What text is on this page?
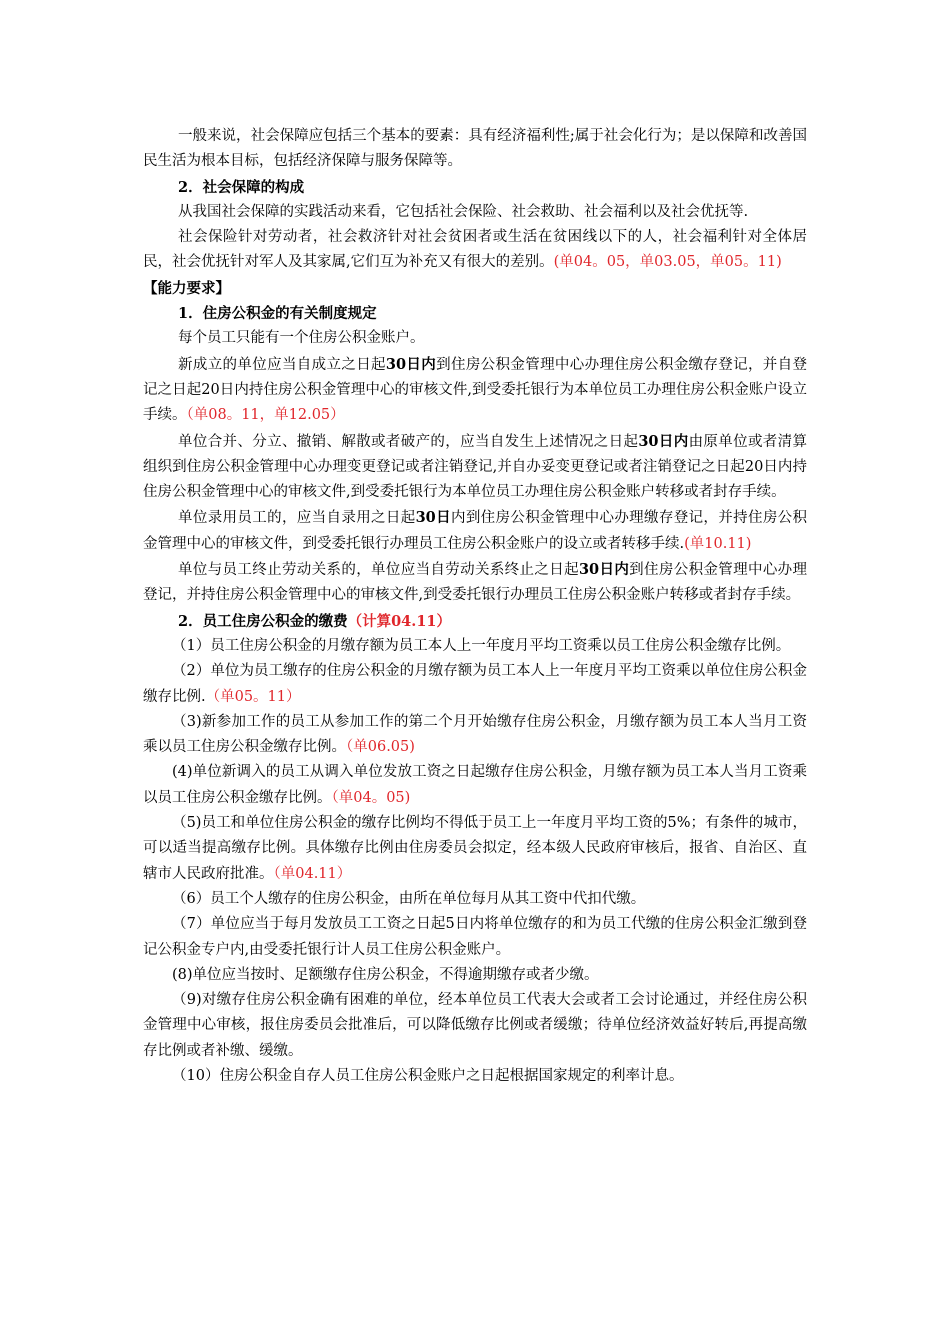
一般来说，社会保障应包括三个基本的要素：具有经济福利性;属于社会化行为；是以保障和改善国民生活为根本目标，包括经济保障与服务保障等。

2．社会保障的构成

从我国社会保障的实践活动来看，它包括社会保险、社会救助、社会福利以及社会优抚等.

社会保险针对劳动者，社会救济针对社会贫困者或生活在贫困线以下的人，社会福利针对全体居民，社会优抚针对军人及其家属,它们互为补充又有很大的差别。(单04。05，单03.05，单05。11)

【能力要求】

1．住房公积金的有关制度规定

每个员工只能有一个住房公积金账户。

新成立的单位应当自成立之日起30日内到住房公积金管理中心办理住房公积金缴存登记，并自登记之日起20日内持住房公积金管理中心的审核文件,到受委托银行为本单位员工办理住房公积金账户设立手续。（单08。11，单12.05）

单位合并、分立、撤销、解散或者破产的，应当自发生上述情况之日起30日内由原单位或者清算组织到住房公积金管理中心办理变更登记或者注销登记,并自办妥变更登记或者注销登记之日起20日内持住房公积金管理中心的审核文件,到受委托银行为本单位员工办理住房公积金账户转移或者封存手续。

单位录用员工的，应当自录用之日起30日内到住房公积金管理中心办理缴存登记，并持住房公积金管理中心的审核文件，到受委托银行办理员工住房公积金账户的设立或者转移手续.(单10.11)

单位与员工终止劳动关系的，单位应当自劳动关系终止之日起30日内到住房公积金管理中心办理登记，并持住房公积金管理中心的审核文件,到受委托银行办理员工住房公积金账户转移或者封存手续。

2．员工住房公积金的缴费（计算04.11）

（1）员工住房公积金的月缴存额为员工本人上一年度月平均工资乘以员工住房公积金缴存比例。

（2）单位为员工缴存的住房公积金的月缴存额为员工本人上一年度月平均工资乘以单位住房公积金缴存比例.（单05。11）

（3)新参加工作的员工从参加工作的第二个月开始缴存住房公积金，月缴存额为员工本人当月工资乘以员工住房公积金缴存比例。（单06.05)

(4)单位新调入的员工从调入单位发放工资之日起缴存住房公积金，月缴存额为员工本人当月工资乘以员工住房公积金缴存比例。（单04。05)

（5)员工和单位住房公积金的缴存比例均不得低于员工上一年度月平均工资的5%；有条件的城市，可以适当提高缴存比例。具体缴存比例由住房委员会拟定，经本级人民政府审核后，报省、自治区、直辖市人民政府批准。（单04.11）

（6）员工个人缴存的住房公积金，由所在单位每月从其工资中代扣代缴。

（7）单位应当于每月发放员工工资之日起5日内将单位缴存的和为员工代缴的住房公积金汇缴到登记公积金专户内,由受委托银行计人员工住房公积金账户。

(8)单位应当按时、足额缴存住房公积金，不得逾期缴存或者少缴。

（9)对缴存住房公积金确有困难的单位，经本单位员工代表大会或者工会讨论通过，并经住房公积金管理中心审核，报住房委员会批准后，可以降低缴存比例或者缓缴；待单位经济效益好转后,再提高缴存比例或者补缴、缓缴。

（10）住房公积金自存人员工住房公积金账户之日起根据国家规定的利率计息。
